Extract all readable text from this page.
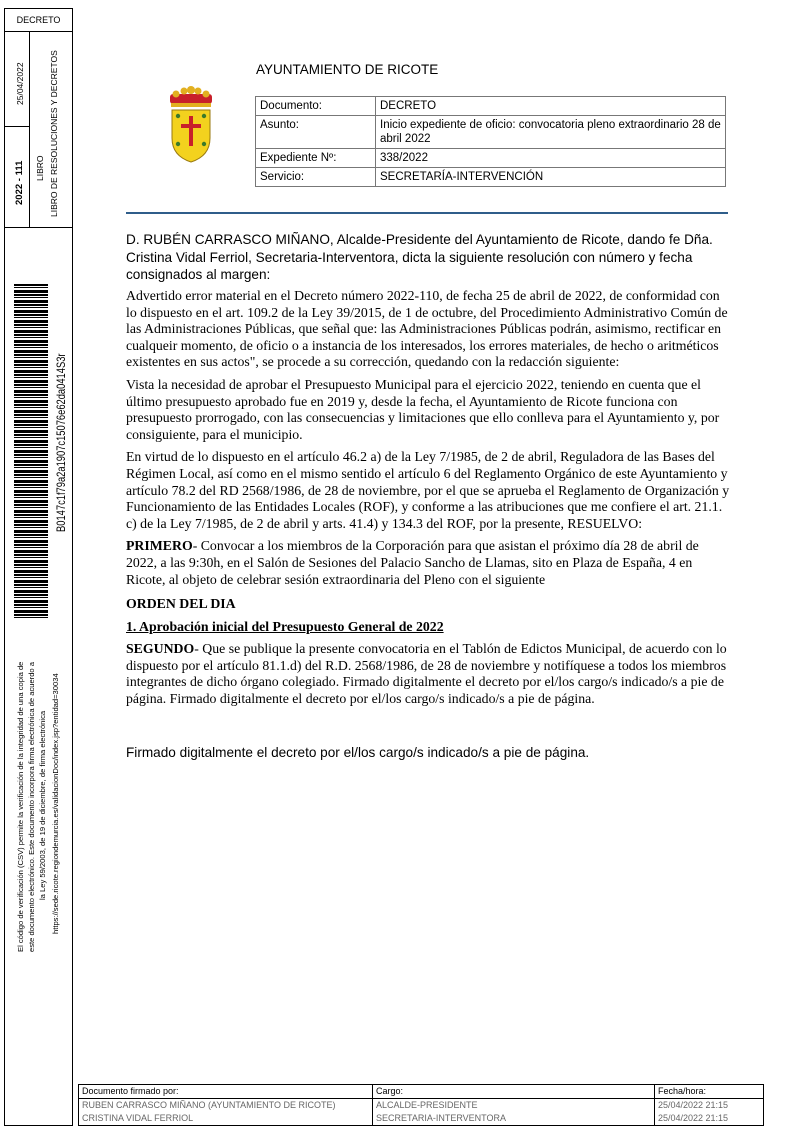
DECRETO
2022 - 111
25/04/2022
LIBRO LIBRO DE RESOLUCIONES Y DECRETOS
B0147c1f79a2a1907c15076e62da0414S3r
El código de verificación (CSV) permite la verificación de la integridad de una copia de este documento electrónico. Este documento incorpora firma electrónica de acuerdo a la Ley 59/2003, de 19 de diciembre, de firma electrónica https://sede.ricote.regiondemurcia.es/validacionDoc/index.jsp?entidad=30034
AYUNTAMIENTO DE RICOTE
Documento:	DECRETO
Asunto:	Inicio expediente de oficio: convocatoria pleno extraordinario 28 de abril 2022
Expediente Nº:	338/2022
Servicio:	SECRETARÍA-INTERVENCIÓN
D. RUBÉN CARRASCO MIÑANO, Alcalde-Presidente del Ayuntamiento de Ricote, dando fe Dña. Cristina Vidal Ferriol, Secretaria-Interventora, dicta la siguiente resolución con número y fecha consignados al margen:

Advertido error material en el Decreto número 2022-110, de fecha 25 de abril de 2022, de conformidad con lo dispuesto en el art. 109.2 de la Ley 39/2015, de 1 de octubre, del Procedimiento Administrativo Común de las Administraciones Públicas, que señal que: las Administraciones Públicas podrán, asimismo, rectificar en cualqueir momento, de oficio o a instancia de los interesados, los errores materiales, de hecho o aritméticos existentes en sus actos", se procede a su corrección, quedando con la redacción siguiente:

Vista la necesidad de aprobar el Presupuesto Municipal para el ejercicio 2022, teniendo en cuenta que el último presupuesto aprobado fue en 2019 y, desde la fecha, el Ayuntamiento de Ricote funciona con presupuesto prorrogado, con las consecuencias y limitaciones que ello conlleva para el Ayuntamiento y, por consiguiente, para el municipio.

En virtud de lo dispuesto en el artículo 46.2 a) de la Ley 7/1985, de 2 de abril, Reguladora de las Bases del Régimen Local, así como en el mismo sentido el artículo 6 del Reglamento Orgánico de este Ayuntamiento y artículo 78.2 del RD 2568/1986, de 28 de noviembre, por el que se aprueba el Reglamento de Organización y Funcionamiento de las Entidades Locales (ROF), y conforme a las atribuciones que me confiere el art. 21.1. c) de la Ley 7/1985, de 2 de abril y arts. 41.4) y 134.3 del ROF, por la presente, RESUELVO:

PRIMERO- Convocar a los miembros de la Corporación para que asistan el próximo día 28 de abril de 2022, a las 9:30h, en el Salón de Sesiones del Palacio Sancho de Llamas, sito en Plaza de España, 4 en Ricote, al objeto de celebrar sesión extraordinaria del Pleno con el siguiente

ORDEN DEL DIA
1. Aprobación inicial del Presupuesto General de 2022

SEGUNDO- Que se publique la presente convocatoria en el Tablón de Edictos Municipal, de acuerdo con lo dispuesto por el artículo 81.1.d) del R.D. 2568/1986, de 28 de noviembre y notifíquese a todos los miembros integrantes de dicho órgano colegiado. Firmado digitalmente el decreto por el/los cargo/s indicado/s a pie de página. Firmado digitalmente el decreto por el/los cargo/s indicado/s a pie de página.

Firmado digitalmente el decreto por el/los cargo/s indicado/s a pie de página.
Documento firmado por:	Cargo:	Fecha/hora:
RUBEN CARRASCO MIÑANO (AYUNTAMIENTO DE RICOTE)	ALCALDE-PRESIDENTE	25/04/2022 21:15
CRISTINA VIDAL FERRIOL	SECRETARIA-INTERVENTORA	25/04/2022 21:15
